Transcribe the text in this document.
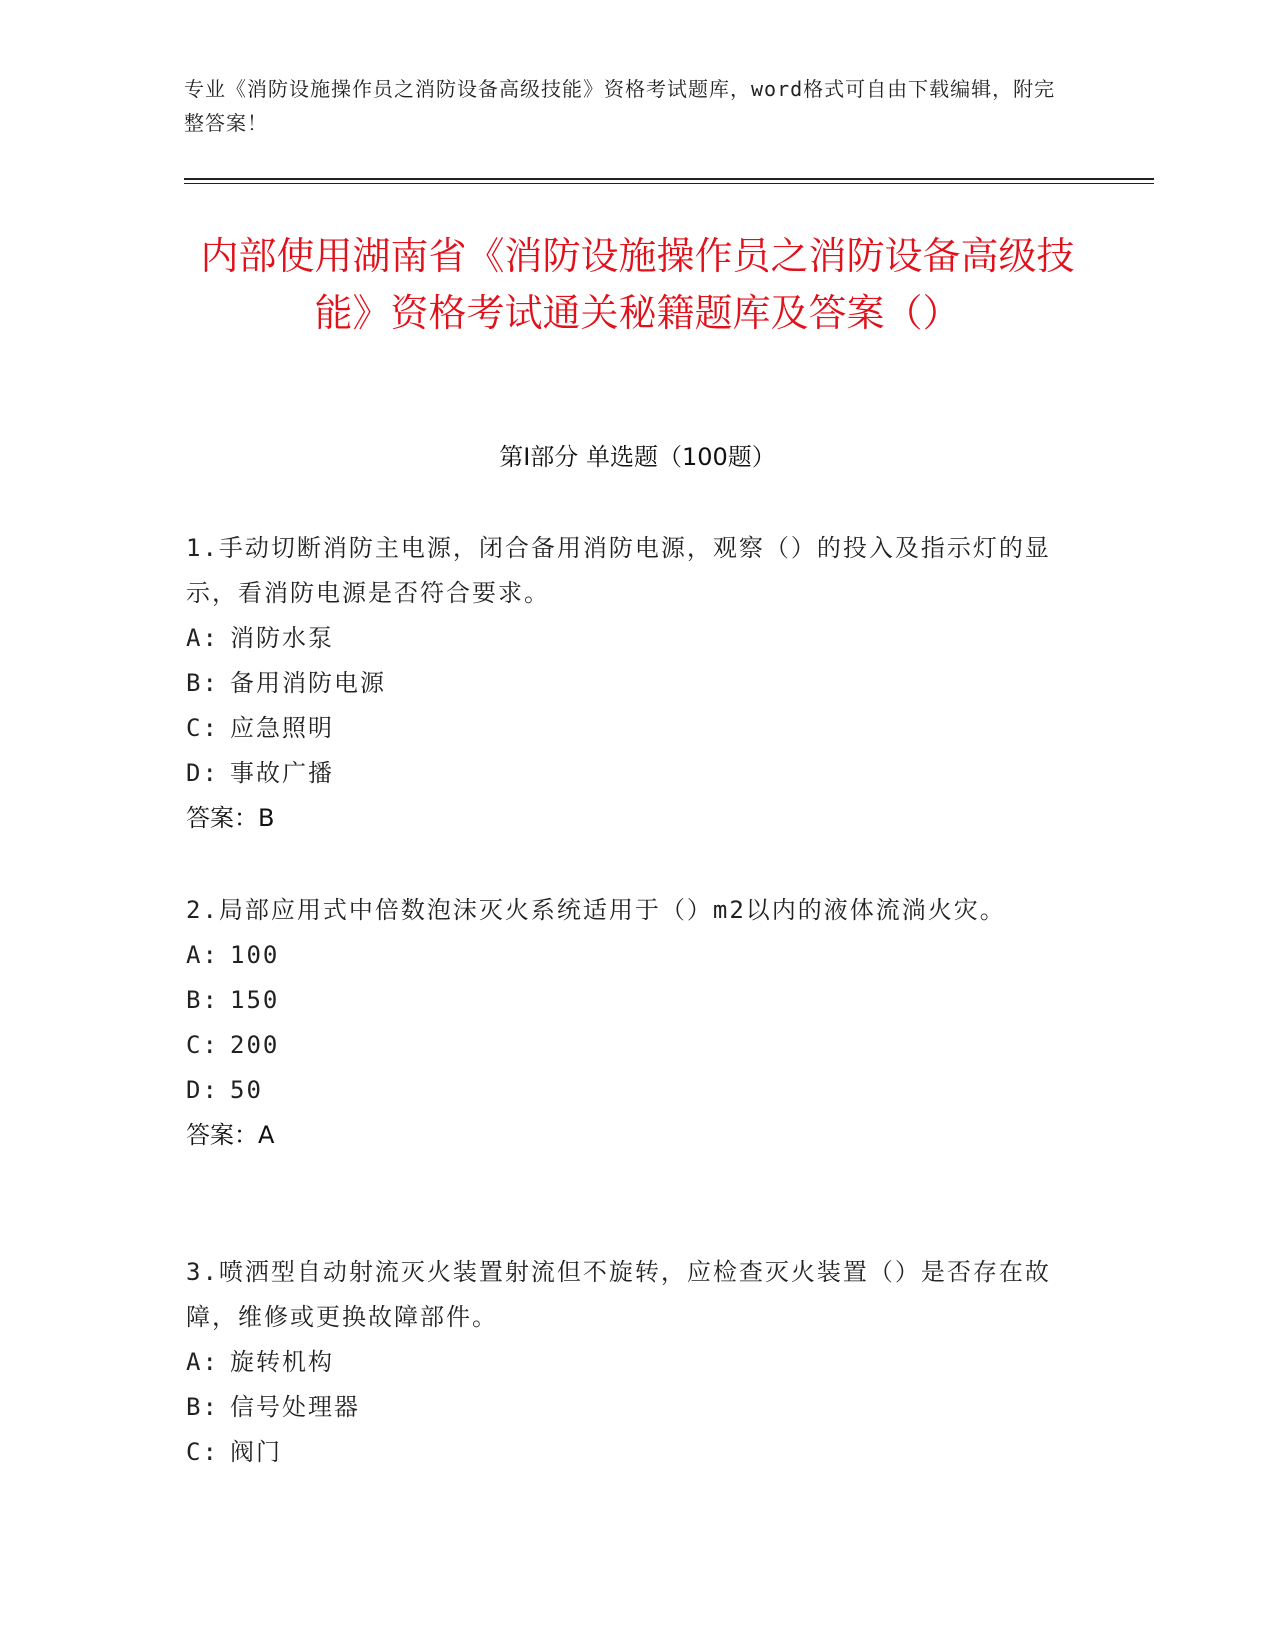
专业《消防设施操作员之消防设备高级技能》资格考试题库，word格式可自由下载编辑，附完整答案！
内部使用湖南省《消防设施操作员之消防设备高级技能》资格考试通关秘籍题库及答案（）
第Ⅰ部分 单选题（100题）

1.手动切断消防主电源，闭合备用消防电源，观察（）的投入及指示灯的显示，看消防电源是否符合要求。

A: 消防水泵

B: 备用消防电源

C: 应急照明

D: 事故广播

答案：B

2.局部应用式中倍数泡沫灭火系统适用于（）m2以内的液体流淌火灾。

A: 100

B: 150

C: 200

D: 50

答案：A

3.喷洒型自动射流灭火装置射流但不旋转，应检查灭火装置（）是否存在故障，维修或更换故障部件。

A: 旋转机构

B: 信号处理器

C: 阀门
